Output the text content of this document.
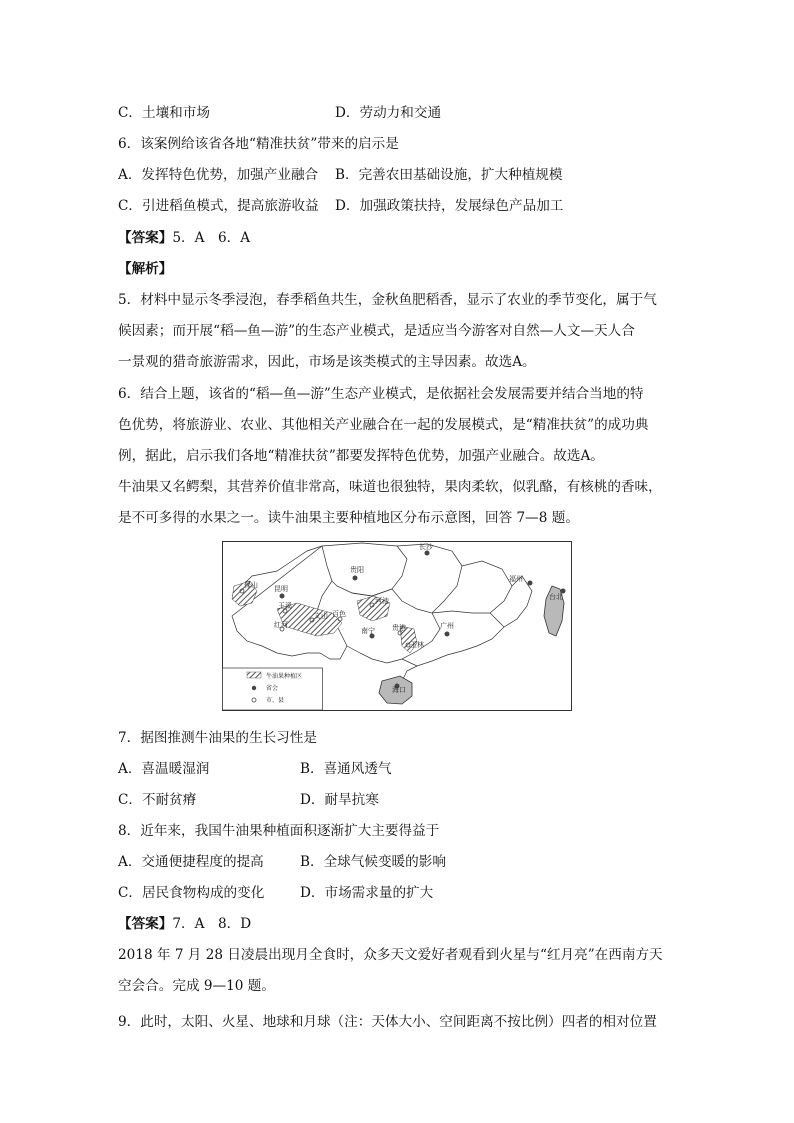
C．土壤和市场	D．劳动力和交通
6．该案例给该省各地“精准扶贫”带来的启示是
A．发挥特色优势，加强产业融合 B．完善农田基础设施，扩大种植规模
C．引进稻鱼模式，提高旅游收益 D．加强政策扶持，发展绿色产品加工
【答案】5．A　6．A
【解析】
5．材料中显示冬季浸泡，春季稻鱼共生，金秋鱼肥稻香，显示了农业的季节变化，属于气
候因素；而开展“稻—鱼—游”的生态产业模式，是适应当今游客对自然—人文—天人合
一景观的猎奇旅游需求，因此，市场是该类模式的主导因素。故选A。
6．结合上题，该省的“稻—鱼—游”生态产业模式，是依据社会发展需要并结合当地的特
色优势，将旅游业、农业、其他相关产业融合在一起的发展模式，是“精准扶贫”的成功典
例，据此，启示我们各地“精准扶贫”都要发挥特色优势，加强产业融合。故选A。
牛油果又名鳄梨，其营养价值非常高，味道也很独特，果肉柔软，似乳酪，有核桃的香味，
是不可多得的水果之一。读牛油果主要种植地区分布示意图，回答 7—8 题。
长沙
贵阳
福州
昆明
保山
玉溪
文山
红河
河池
百色
南宁 贵港
玉林
广州
台北
海口
牛油果种植区
省会
市、县
7．据图推测牛油果的生长习性是
A．喜温暖湿润	B．喜通风透气
C．不耐贫瘠	D．耐旱抗寒
8．近年来，我国牛油果种植面积逐渐扩大主要得益于
A．交通便捷程度的提高	B．全球气候变暖的影响
C．居民食物构成的变化	D．市场需求量的扩大
【答案】7．A　8．D
2018 年 7 月 28 日凌晨出现月全食时，众多天文爱好者观看到火星与“红月亮”在西南方天
空会合。完成 9—10 题。
9．此时，太阳、火星、地球和月球（注：天体大小、空间距离不按比例）四者的相对位置
